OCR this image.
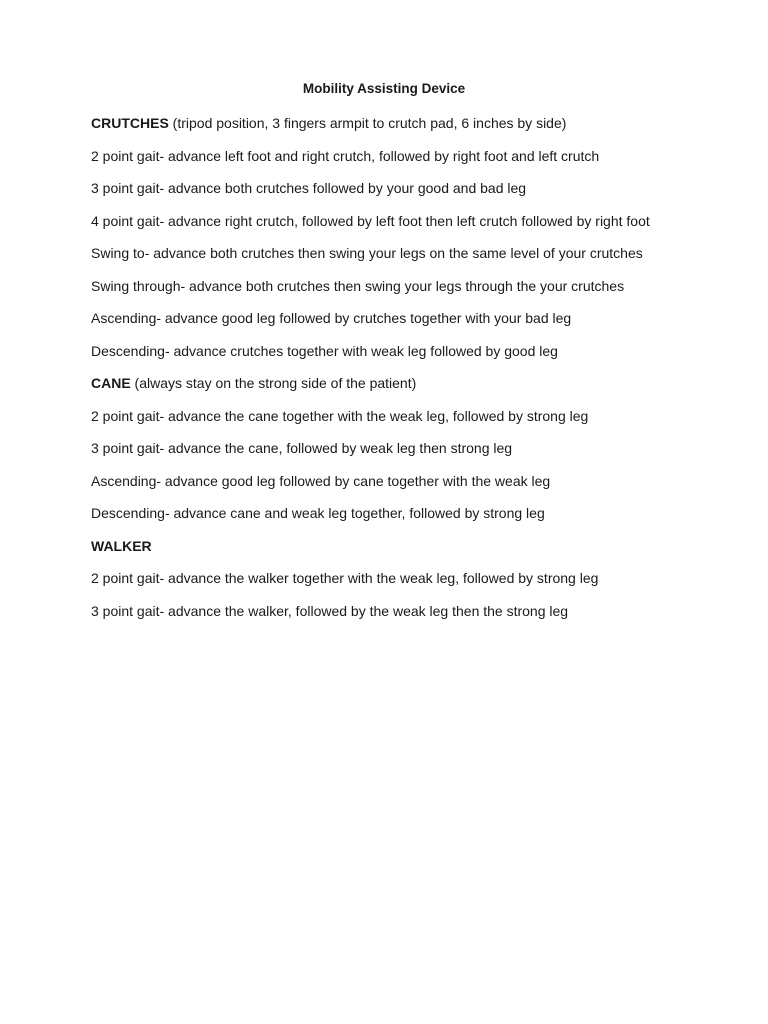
Mobility Assisting Device

CRUTCHES (tripod position, 3 fingers armpit to crutch pad, 6 inches by side)

2 point gait- advance left foot and right crutch, followed by right foot and left crutch

3 point gait- advance both crutches followed by your good and bad leg

4 point gait- advance right crutch, followed by left foot then left crutch followed by right foot

Swing to- advance both crutches then swing your legs on the same level of your crutches

Swing through- advance both crutches then swing your legs through the your crutches

Ascending- advance good leg followed by crutches together with your bad leg

Descending- advance crutches together with weak leg followed by good leg

CANE (always stay on the strong side of the patient)

2 point gait- advance the cane together with the weak leg, followed by strong leg

3 point gait- advance the cane, followed by weak leg then strong leg

Ascending- advance good leg followed by cane together with the weak leg

Descending- advance cane and weak leg together, followed by strong leg

WALKER

2 point gait- advance the walker together with the weak leg, followed by strong leg

3 point gait- advance the walker, followed by the weak leg then the strong leg
